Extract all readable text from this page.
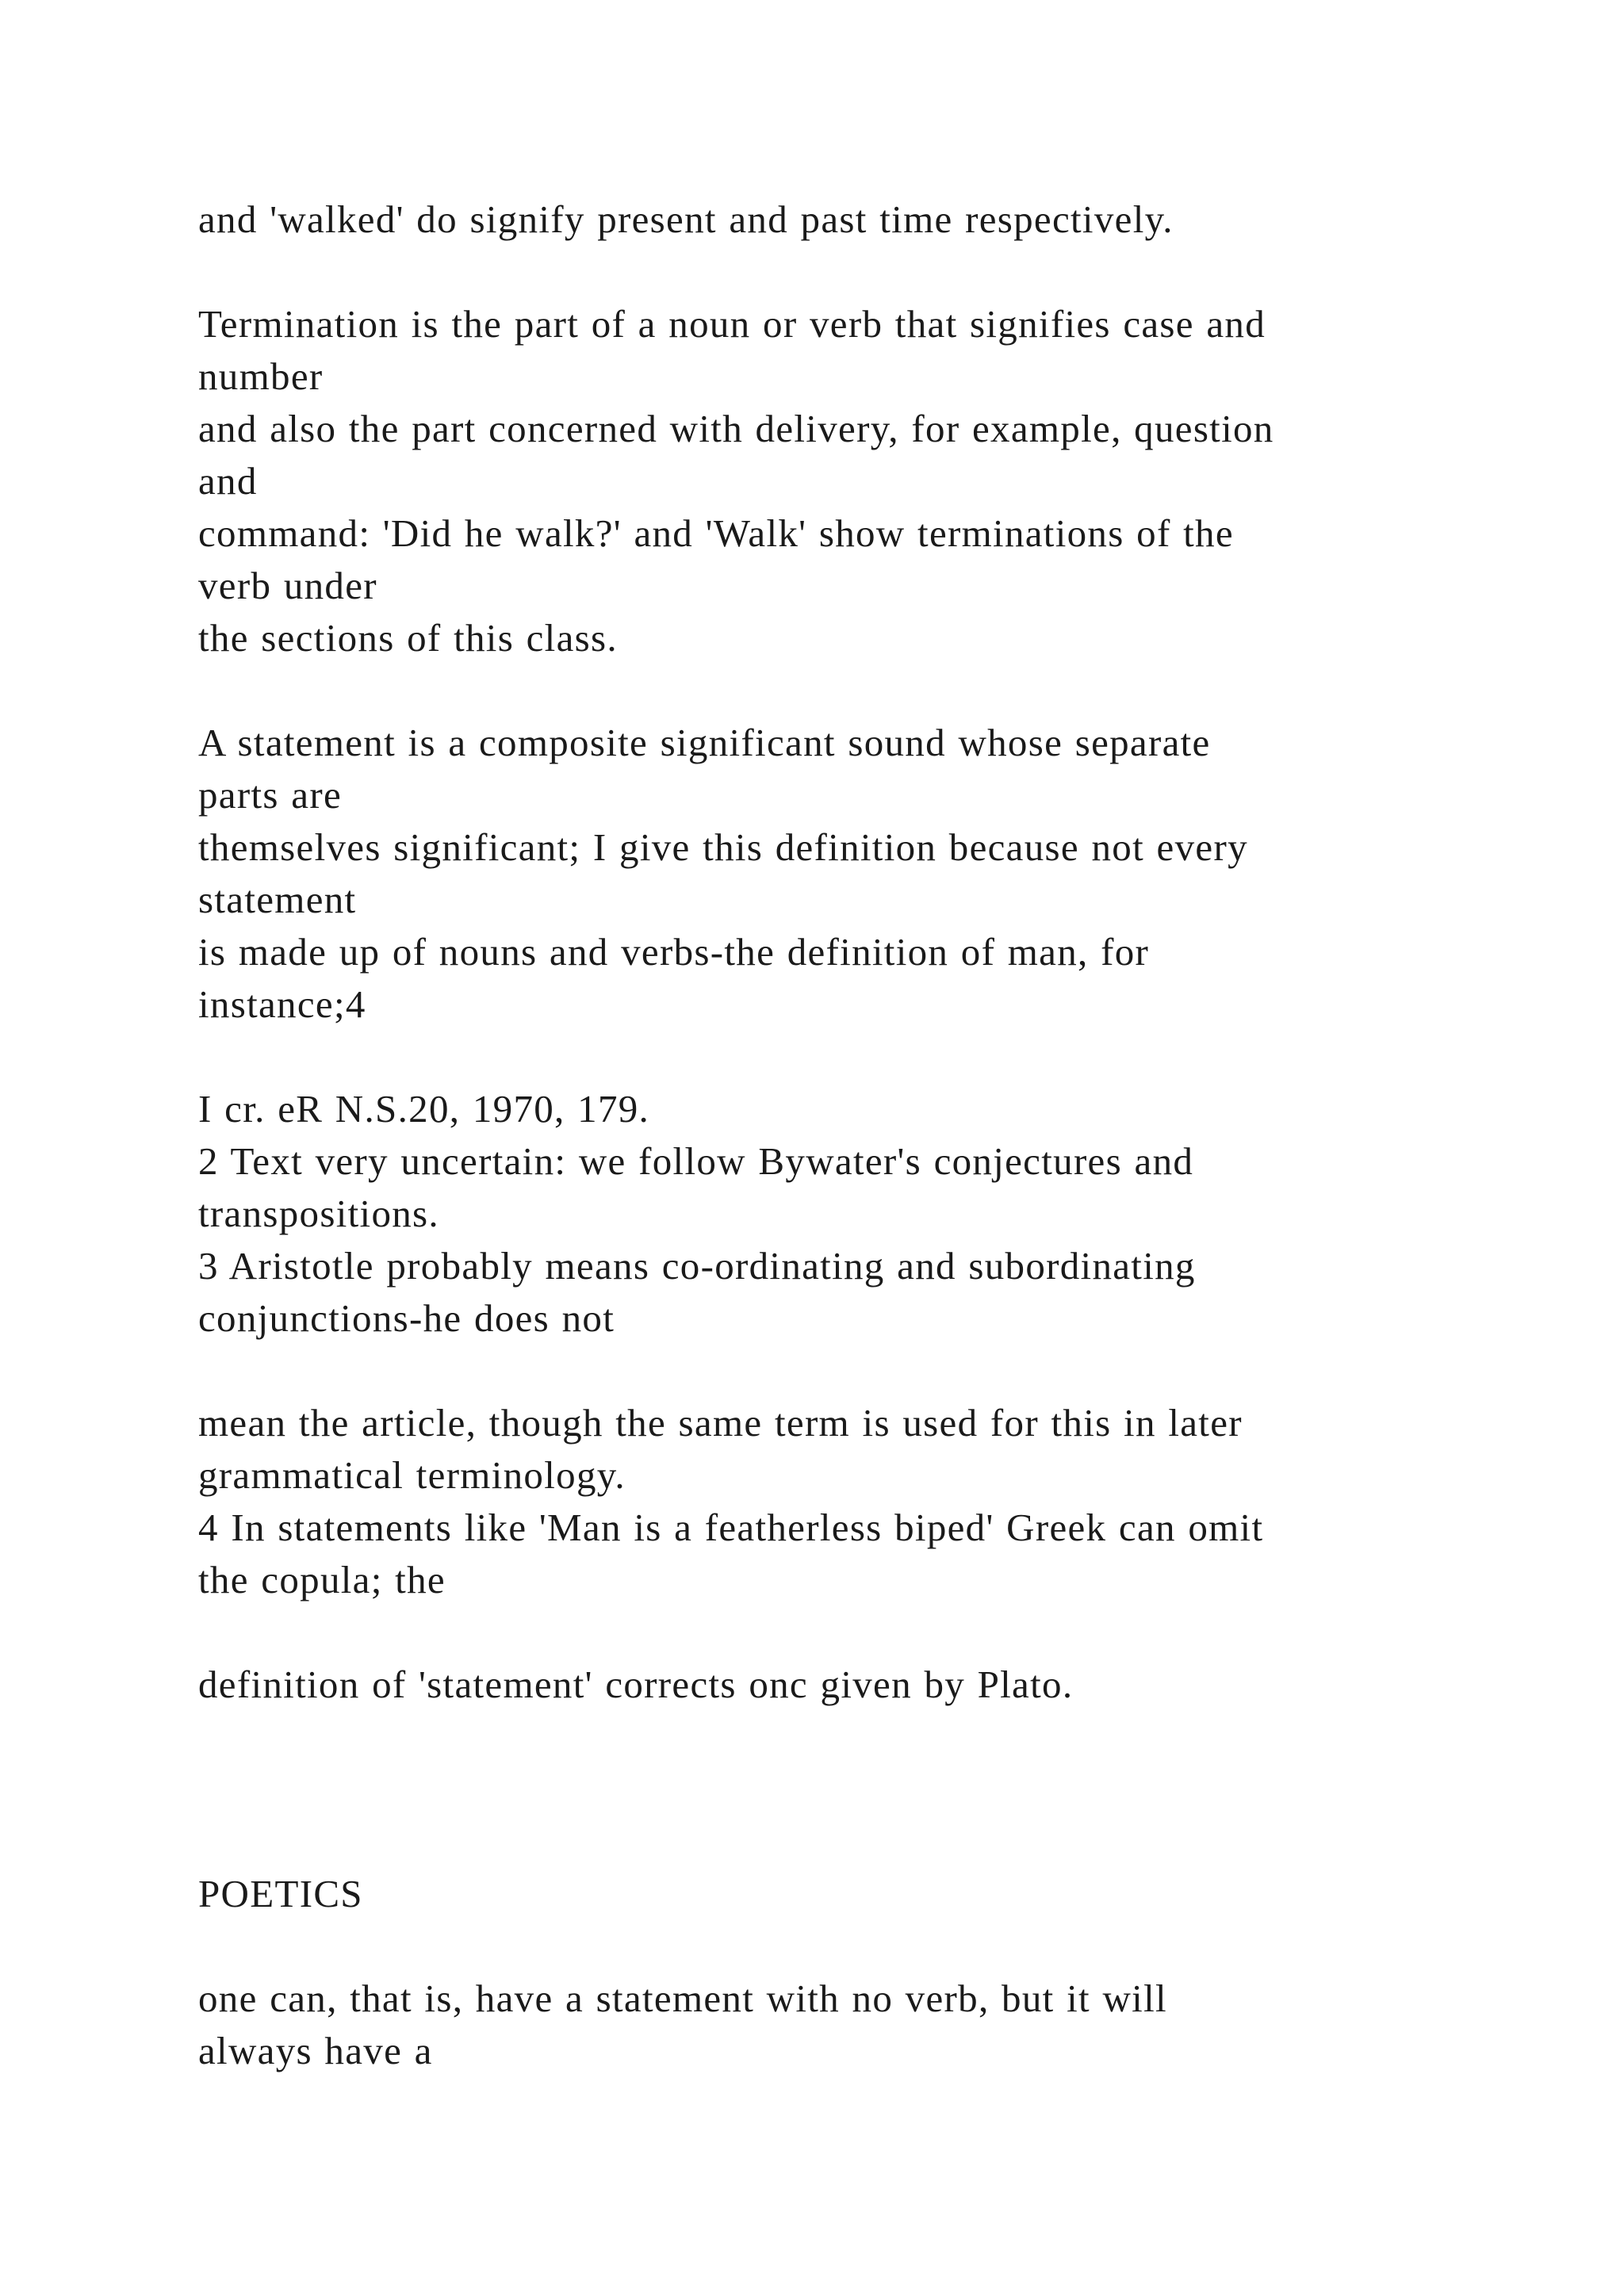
and 'walked' do signify present and past time respectively.
Termination is the part of a noun or verb that signifies case and
number
and also the part concerned with delivery, for example, question
and
command: 'Did he walk?' and 'Walk' show terminations of the
verb under
the sections of this class.
A statement is a composite significant sound whose separate
parts are
themselves significant; I give this definition because not every
statement
is made up of nouns and verbs-the definition of man, for
instance;4
I cr. eR N.S.20, 1970, 179.
2 Text very uncertain: we follow Bywater's conjectures and
transpositions.
3 Aristotle probably means co-ordinating and subordinating
conjunctions-he does not
mean the article, though the same term is used for this in later
grammatical terminology.
4 In statements like 'Man is a featherless biped' Greek can omit
the copula; the
definition of 'statement' corrects onc given by Plato.
POETICS
one can, that is, have a statement with no verb, but it will
always have a
